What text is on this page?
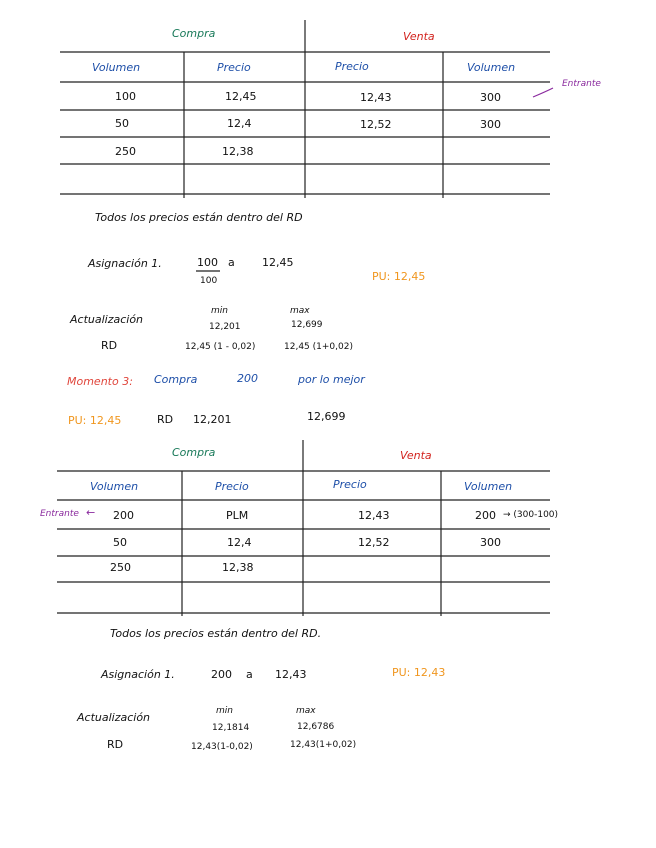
Compra	Venta
Volumen	Precio	Precio	Volumen
100	12,45	12,43	300
50	12,4	12,52	300
250	12,38
Entrante
Todos los precios están dentro del RD
Asignación 1.	100
100
a 12,45
PU: 12,45
Actualización
min	max
12,201	12,699
RD	12,45 (1 - 0,02)	12,45 (1+0,02)
Momento 3: Compra	200	por lo mejor
PU: 12,45	RD 12,201	12,699
Compra	Venta
Volumen	Precio	Precio	Volumen
Entrante ← 200	PLM	12,43	200 → (300-100)
50	12,4	12,52	300
250	12,38
Todos los precios están dentro del RD.
Asignación 1.	200 a 12,43	PU: 12,43
Actualización	min	max
12,1814	12,6786
RD	12,43(1-0,02)	12,43(1+0,02)
